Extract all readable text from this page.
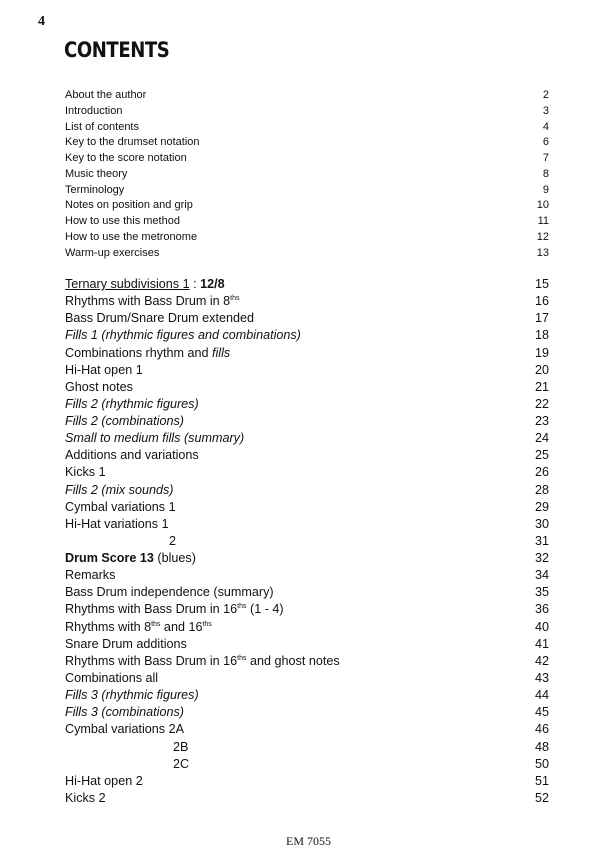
4
CONTENTS
About the author	2
Introduction	3
List of contents	4
Key to the drumset notation	6
Key to the score notation	7
Music theory	8
Terminology	9
Notes on position and grip	10
How to use this method	11
How to use the metronome	12
Warm-up exercises	13
Ternary subdivisions 1 : 12/8	15
Rhythms with Bass Drum in $8^{ths}$	16
Bass Drum/Snare Drum extended	17
Fills 1 (rhythmic figures and combinations)	18
Combinations rhythm and fills	19
Hi-Hat open 1	20
Ghost notes	21
Fills 2 (rhythmic figures)	22
Fills 2 (combinations)	23
Small to medium fills (summary)	24
Additions and variations	25
Kicks 1	26
Fills 2 (mix sounds)	28
Cymbal variations 1	29
Hi-Hat variations 1	30
2	31
Drum Score 13 (blues)	32
Remarks	34
Bass Drum independence (summary)	35
Rhythms with Bass Drum in $16^{ths}$ (1 - 4)	36
Rhythms with $8^{ths}$ and $16^{ths}$	40
Snare Drum additions	41
Rhythms with Bass Drum in $16^{ths}$ and ghost notes	42
Combinations all	43
Fills 3 (rhythmic figures)	44
Fills 3 (combinations)	45
Cymbal variations 2A	46
2B	48
2C	50
Hi-Hat open 2	51
Kicks 2	52
EM 7055
